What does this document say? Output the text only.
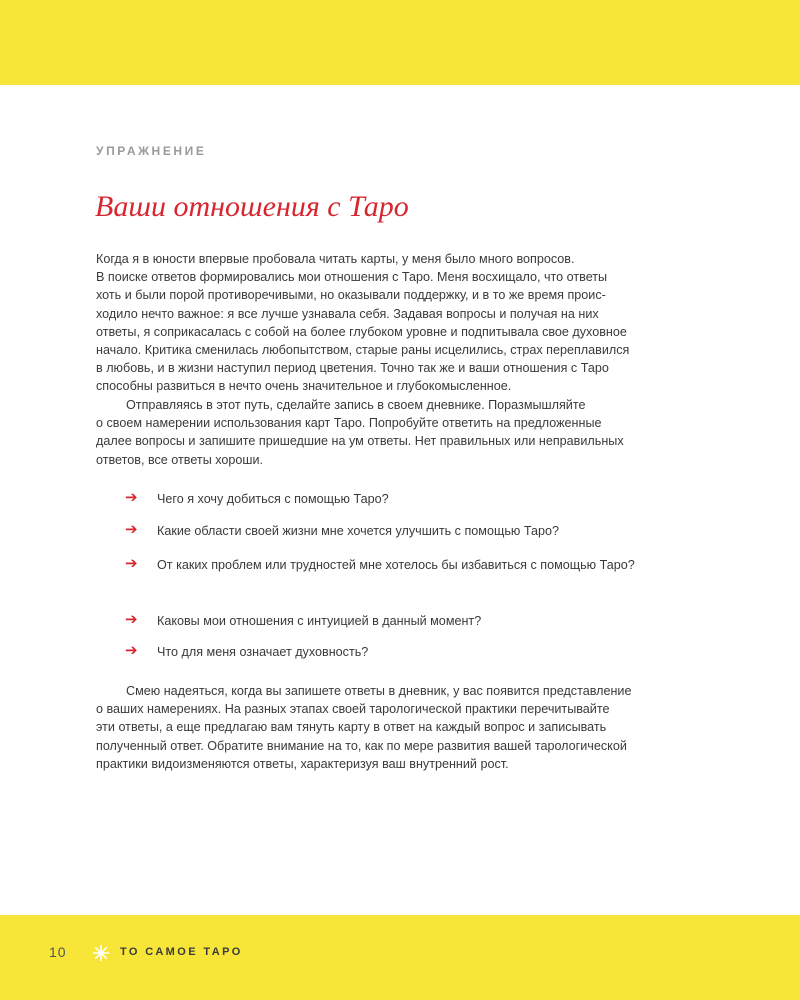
УПРАЖНЕНИЕ
Ваши отношения с Таро
Когда я в юности впервые пробовала читать карты, у меня было много вопросов.
В поиске ответов формировались мои отношения с Таро. Меня восхищало, что ответы
хоть и были порой противоречивыми, но оказывали поддержку, и в то же время проис-
ходило нечто важное: я все лучше узнавала себя. Задавая вопросы и получая на них
ответы, я соприкасалась с собой на более глубоком уровне и подпитывала свое духовное
начало. Критика сменилась любопытством, старые раны исцелились, страх переплавился
в любовь, и в жизни наступил период цветения. Точно так же и ваши отношения с Таро
способны развиться в нечто очень значительное и глубокомысленное.
Отправляясь в этот путь, сделайте запись в своем дневнике. Поразмышляйте
о своем намерении использования карт Таро. Попробуйте ответить на предложенные
далее вопросы и запишите пришедшие на ум ответы. Нет правильных или неправильных
ответов, все ответы хороши.
➔ Чего я хочу добиться с помощью Таро?
➔ Какие области своей жизни мне хочется улучшить с помощью Таро?
➔ От каких проблем или трудностей мне хотелось бы избавиться с помощью Таро?
➔ Каковы мои отношения с интуицией в данный момент?
➔ Что для меня означает духовность?
Смею надеяться, когда вы запишете ответы в дневник, у вас появится представление
о ваших намерениях. На разных этапах своей тарологической практики перечитывайте
эти ответы, а еще предлагаю вам тянуть карту в ответ на каждый вопрос и записывать
полученный ответ. Обратите внимание на то, как по мере развития вашей тарологической
практики видоизменяются ответы, характеризуя ваш внутренний рост.
10	ТО САМОЕ ТАРО
